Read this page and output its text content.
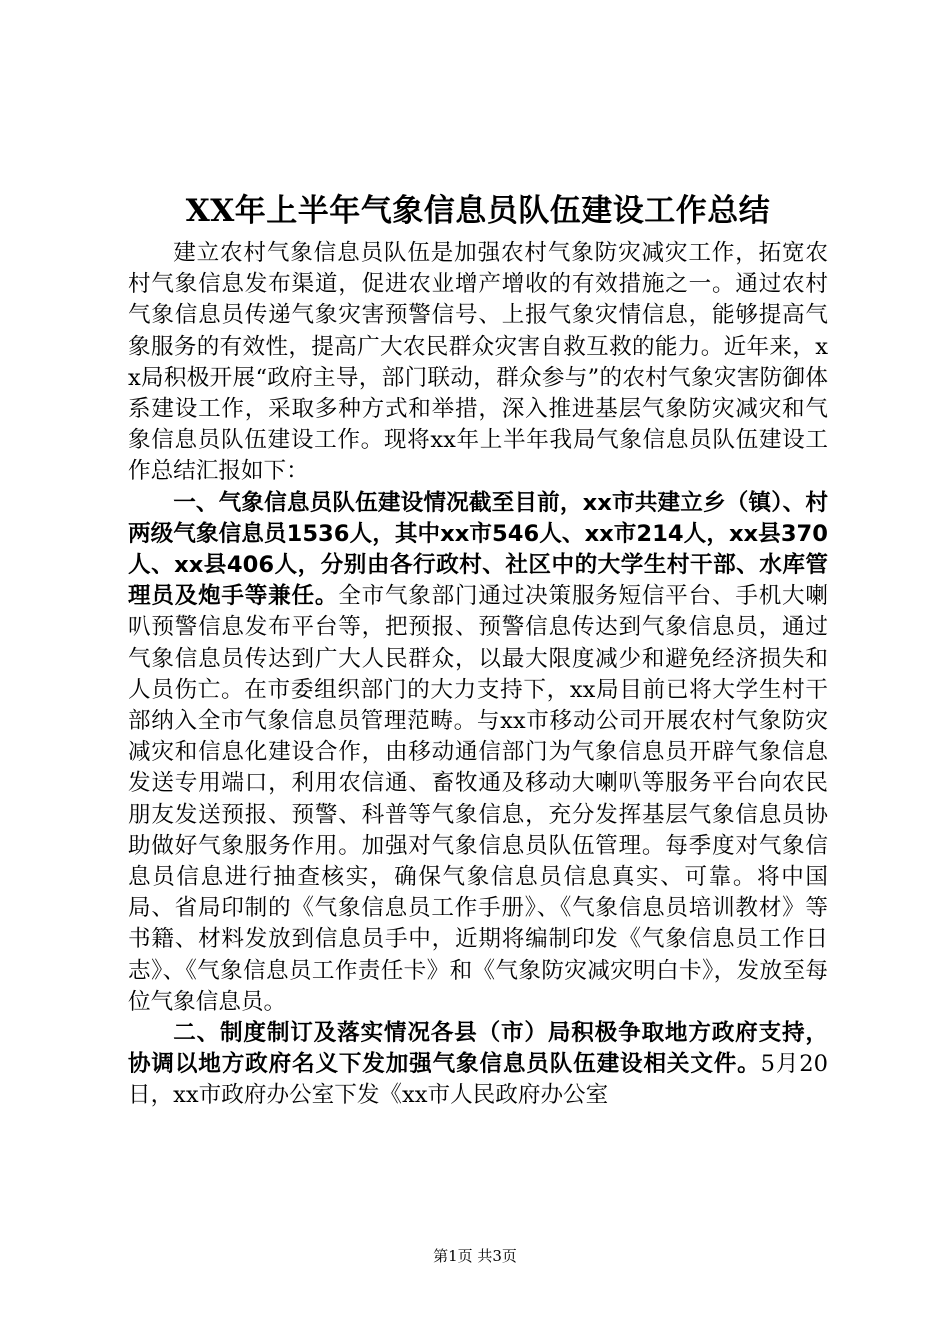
XX年上半年气象信息员队伍建设工作总结

建立农村气象信息员队伍是加强农村气象防灾减灾工作，拓宽农村气象信息发布渠道，促进农业增产增收的有效措施之一。通过农村气象信息员传递气象灾害预警信号、上报气象灾情信息，能够提高气象服务的有效性，提高广大农民群众灾害自救互救的能力。近年来，xx局积极开展“政府主导，部门联动，群众参与”的农村气象灾害防御体系建设工作，采取多种方式和举措，深入推进基层气象防灾减灾和气象信息员队伍建设工作。现将xx年上半年我局气象信息员队伍建设工作总结汇报如下：

一、气象信息员队伍建设情况截至目前，xx市共建立乡（镇）、村两级气象信息员1536人，其中xx市546人、xx市214人，xx县370人、xx县406人，分别由各行政村、社区中的大学生村干部、水库管理员及炮手等兼任。全市气象部门通过决策服务短信平台、手机大喇叭预警信息发布平台等，把预报、预警信息传达到气象信息员，通过气象信息员传达到广大人民群众，以最大限度减少和避免经济损失和人员伤亡。在市委组织部门的大力支持下，xx局目前已将大学生村干部纳入全市气象信息员管理范畴。与xx市移动公司开展农村气象防灾减灾和信息化建设合作，由移动通信部门为气象信息员开辟气象信息发送专用端口，利用农信通、畜牧通及移动大喇叭等服务平台向农民朋友发送预报、预警、科普等气象信息，充分发挥基层气象信息员协助做好气象服务作用。加强对气象信息员队伍管理。每季度对气象信息员信息进行抽查核实，确保气象信息员信息真实、可靠。将中国局、省局印制的《气象信息员工作手册》、《气象信息员培训教材》等书籍、材料发放到信息员手中，近期将编制印发《气象信息员工作日志》、《气象信息员工作责任卡》和《气象防灾减灾明白卡》，发放至每位气象信息员。

二、制度制订及落实情况各县（市）局积极争取地方政府支持，协调以地方政府名义下发加强气象信息员队伍建设相关文件。5月20日，xx市政府办公室下发《xx市人民政府办公室

第1页 共3页
